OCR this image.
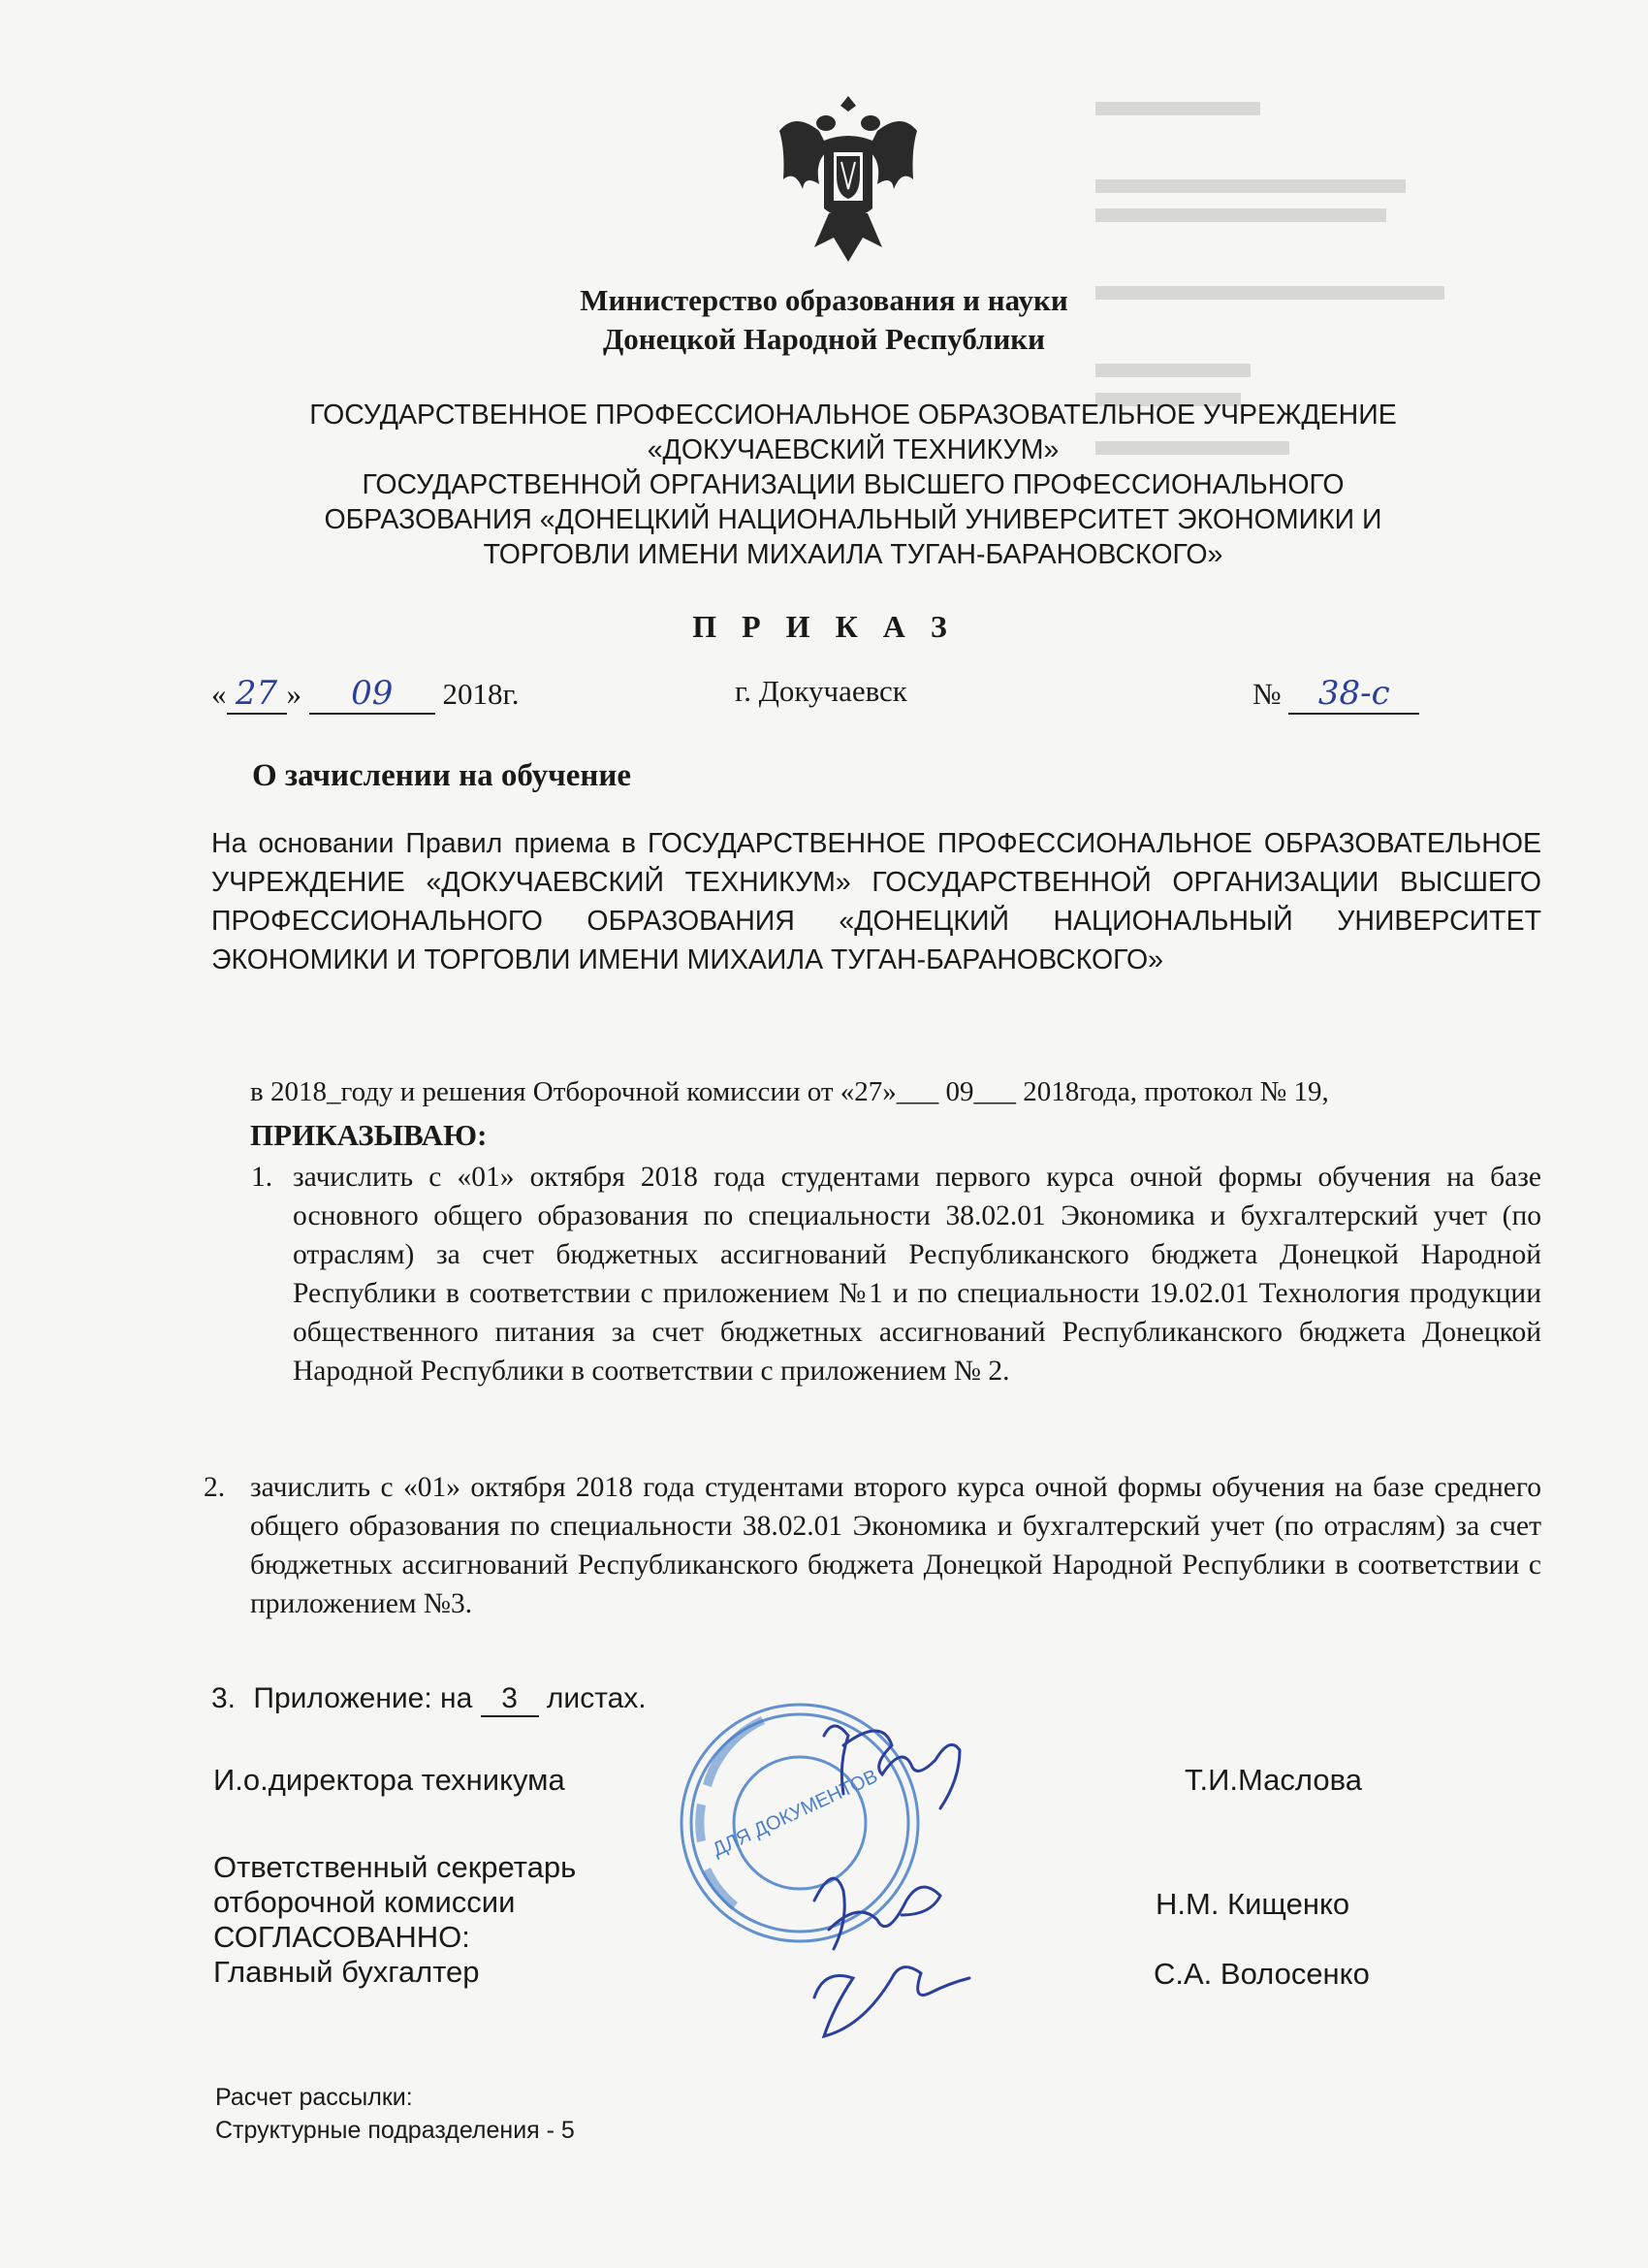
Министерство образования и науки
Донецкой Народной Республики
ГОСУДАРСТВЕННОЕ ПРОФЕССИОНАЛЬНОЕ ОБРАЗОВАТЕЛЬНОЕ УЧРЕЖДЕНИЕ
«ДОКУЧАЕВСКИЙ ТЕХНИКУМ»
ГОСУДАРСТВЕННОЙ ОРГАНИЗАЦИИ ВЫСШЕГО ПРОФЕССИОНАЛЬНОГО
ОБРАЗОВАНИЯ «ДОНЕЦКИЙ НАЦИОНАЛЬНЫЙ УНИВЕРСИТЕТ ЭКОНОМИКИ И
ТОРГОВЛИ ИМЕНИ МИХАИЛА ТУГАН-БАРАНОВСКОГО»
П Р И К А З
« 27 » 09 2018г.	г. Докучаевск	№ 38-с
О зачислении на обучение
На основании Правил приема в ГОСУДАРСТВЕННОЕ ПРОФЕССИОНАЛЬНОЕ ОБРАЗОВАТЕЛЬНОЕ УЧРЕЖДЕНИЕ «ДОКУЧАЕВСКИЙ ТЕХНИКУМ» ГОСУДАРСТВЕННОЙ ОРГАНИЗАЦИИ ВЫСШЕГО ПРОФЕССИОНАЛЬНОГО ОБРАЗОВАНИЯ «ДОНЕЦКИЙ НАЦИОНАЛЬНЫЙ УНИВЕРСИТЕТ ЭКОНОМИКИ И ТОРГОВЛИ ИМЕНИ МИХАИЛА ТУГАН-БАРАНОВСКОГО»
в 2018_году и решения Отборочной комиссии от «27»___ 09___ 2018года, протокол № 19,
ПРИКАЗЫВАЮ:
1. зачислить с «01» октября 2018 года студентами первого курса очной формы обучения на базе основного общего образования по специальности 38.02.01 Экономика и бухгалтерский учет (по отраслям) за счет бюджетных ассигнований Республиканского бюджета Донецкой Народной Республики в соответствии с приложением №1 и по специальности 19.02.01 Технология продукции общественного питания за счет бюджетных ассигнований Республиканского бюджета Донецкой Народной Республики в соответствии с приложением № 2.
2. зачислить с «01» октября 2018 года студентами второго курса очной формы обучения на базе среднего общего образования по специальности 38.02.01 Экономика и бухгалтерский учет (по отраслям) за счет бюджетных ассигнований Республиканского бюджета Донецкой Народной Республики в соответствии с приложением №3.
3. Приложение: на 3 листах.
ДЛЯ ДОКУМЕНТОВ
И.о.директора техникума	Т.И.Маслова
Ответственный секретарь
отборочной комиссии
СОГЛАСОВАННО:
Главный бухгалтер
Н.М. Кищенко
С.А. Волосенко
Расчет рассылки:
Структурные подразделения - 5
